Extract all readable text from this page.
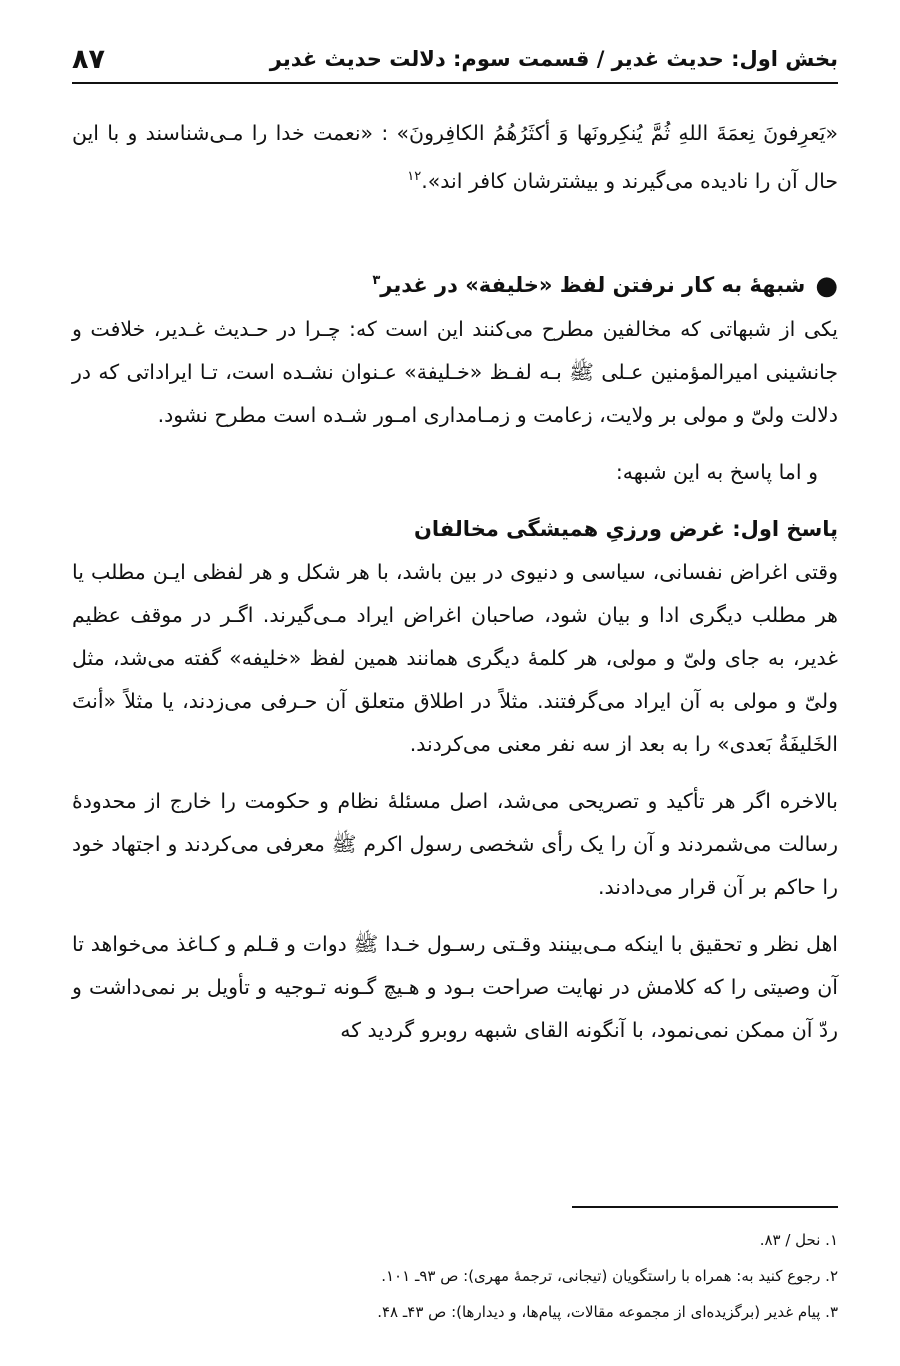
بخش اول: حدیث غدیر / قسمت سوم: دلالت حدیث غدیر
۸۷

«یَعرِفونَ نِعمَةَ اللهِ ثُمَّ یُنکِرونَها وَ أکثَرُهُمُ الکافِرونَ» : «نعمت خدا را مـی‌شناسند و با این حال آن را نادیده می‌گیرند و بیشترشان کافر اند».$^{۱۲}$

●شبهۀ به کار نرفتن لفظ «خلیفة» در غدیر$^۳$

یکی از شبهاتی که مخالفین مطرح می‌کنند این است که: چـرا در حـدیث غـدیر، خلافت و جانشینی امیرالمؤمنین عـلی ﷺ بـه لفـظ «خـلیفة» عـنوان نشـده است، تـا ایراداتی که در دلالت ولیّ و مولی بر ولایت، زعامت و زمـامداری امـور شـده است مطرح نشود.

و اما پاسخ به این شبهه:

پاسخ اول: غرض ورزیِ همیشگی مخالفان

وقتی اغراض نفسانی، سیاسی و دنیوی در بین باشد، با هر شکل و هر لفظی ایـن مطلب یا هر مطلب دیگری ادا و بیان شود، صاحبان اغراض ایراد مـی‌گیرند. اگـر در موقف عظیم غدیر، به جای ولیّ و مولی، هر کلمۀ دیگری همانند همین لفظ «خلیفه» گفته می‌شد، مثل ولیّ و مولی به آن ایراد می‌گرفتند. مثلاً در اطلاق متعلق آن حـرفی می‌زدند، یا مثلاً «أنتَ الخَلیفَةُ بَعدی» را به بعد از سه نفر معنی می‌کردند.

بالاخره اگر هر تأکید و تصریحی می‌شد، اصل مسئلۀ نظام و حکومت را خارج از محدودۀ رسالت می‌شمردند و آن را یک رأی شخصی رسول اکرم ﷺ معرفی می‌کردند و اجتهاد خود را حاکم بر آن قرار می‌دادند.

اهل نظر و تحقیق با اینکه مـی‌بینند وقـتی رسـول خـدا ﷺ دوات و قـلم و کـاغذ می‌خواهد تا آن وصیتی را که کلامش در نهایت صراحت بـود و هـیچ گـونه تـوجیه و تأویل بر نمی‌داشت و ردّ آن ممکن نمی‌نمود، با آنگونه القای شبهه روبرو گردید که

۱. نحل / ۸۳.
۲. رجوع کنید به: همراه با راستگویان (تیجانی، ترجمۀ مهری): ص ۹۳ـ ۱۰۱.
۳. پیام غدیر (برگزیده‌ای از مجموعه مقالات، پیام‌ها، و دیدارها): ص ۴۳ـ ۴۸.
